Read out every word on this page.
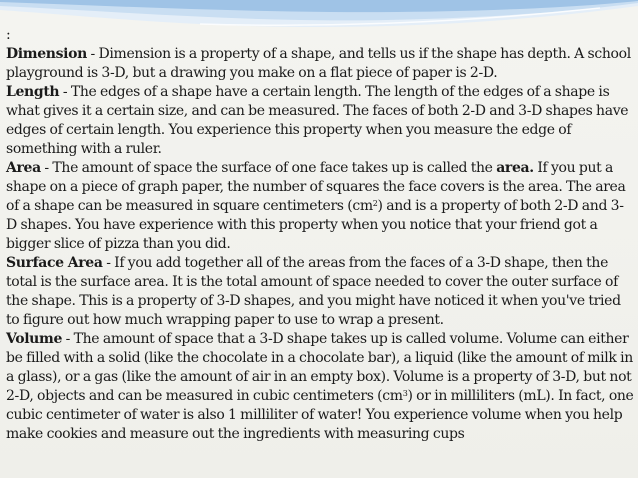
:

Dimension - Dimension is a property of a shape, and tells us if the shape has depth. A school playground is 3-D, but a drawing you make on a flat piece of paper is 2-D.

Length - The edges of a shape have a certain length. The length of the edges of a shape is what gives it a certain size, and can be measured. The faces of both 2-D and 3-D shapes have edges of certain length. You experience this property when you measure the edge of something with a ruler.

Area - The amount of space the surface of one face takes up is called the area. If you put a shape on a piece of graph paper, the number of squares the face covers is the area. The area of a shape can be measured in square centimeters $(cm^2)$ and is a property of both 2-D and 3-D shapes. You have experience with this property when you notice that your friend got a bigger slice of pizza than you did.

Surface Area - If you add together all of the areas from the faces of a 3-D shape, then the total is the surface area. It is the total amount of space needed to cover the outer surface of the shape. This is a property of 3-D shapes, and you might have noticed it when you've tried to figure out how much wrapping paper to use to wrap a present.

Volume - The amount of space that a 3-D shape takes up is called volume. Volume can either be filled with a solid (like the chocolate in a chocolate bar), a liquid (like the amount of milk in a glass), or a gas (like the amount of air in an empty box). Volume is a property of 3-D, but not 2-D, objects and can be measured in cubic centimeters $(cm^3)$ or in milliliters (mL). In fact, one cubic centimeter of water is also 1 milliliter of water! You experience volume when you help make cookies and measure out the ingredients with measuring cups
